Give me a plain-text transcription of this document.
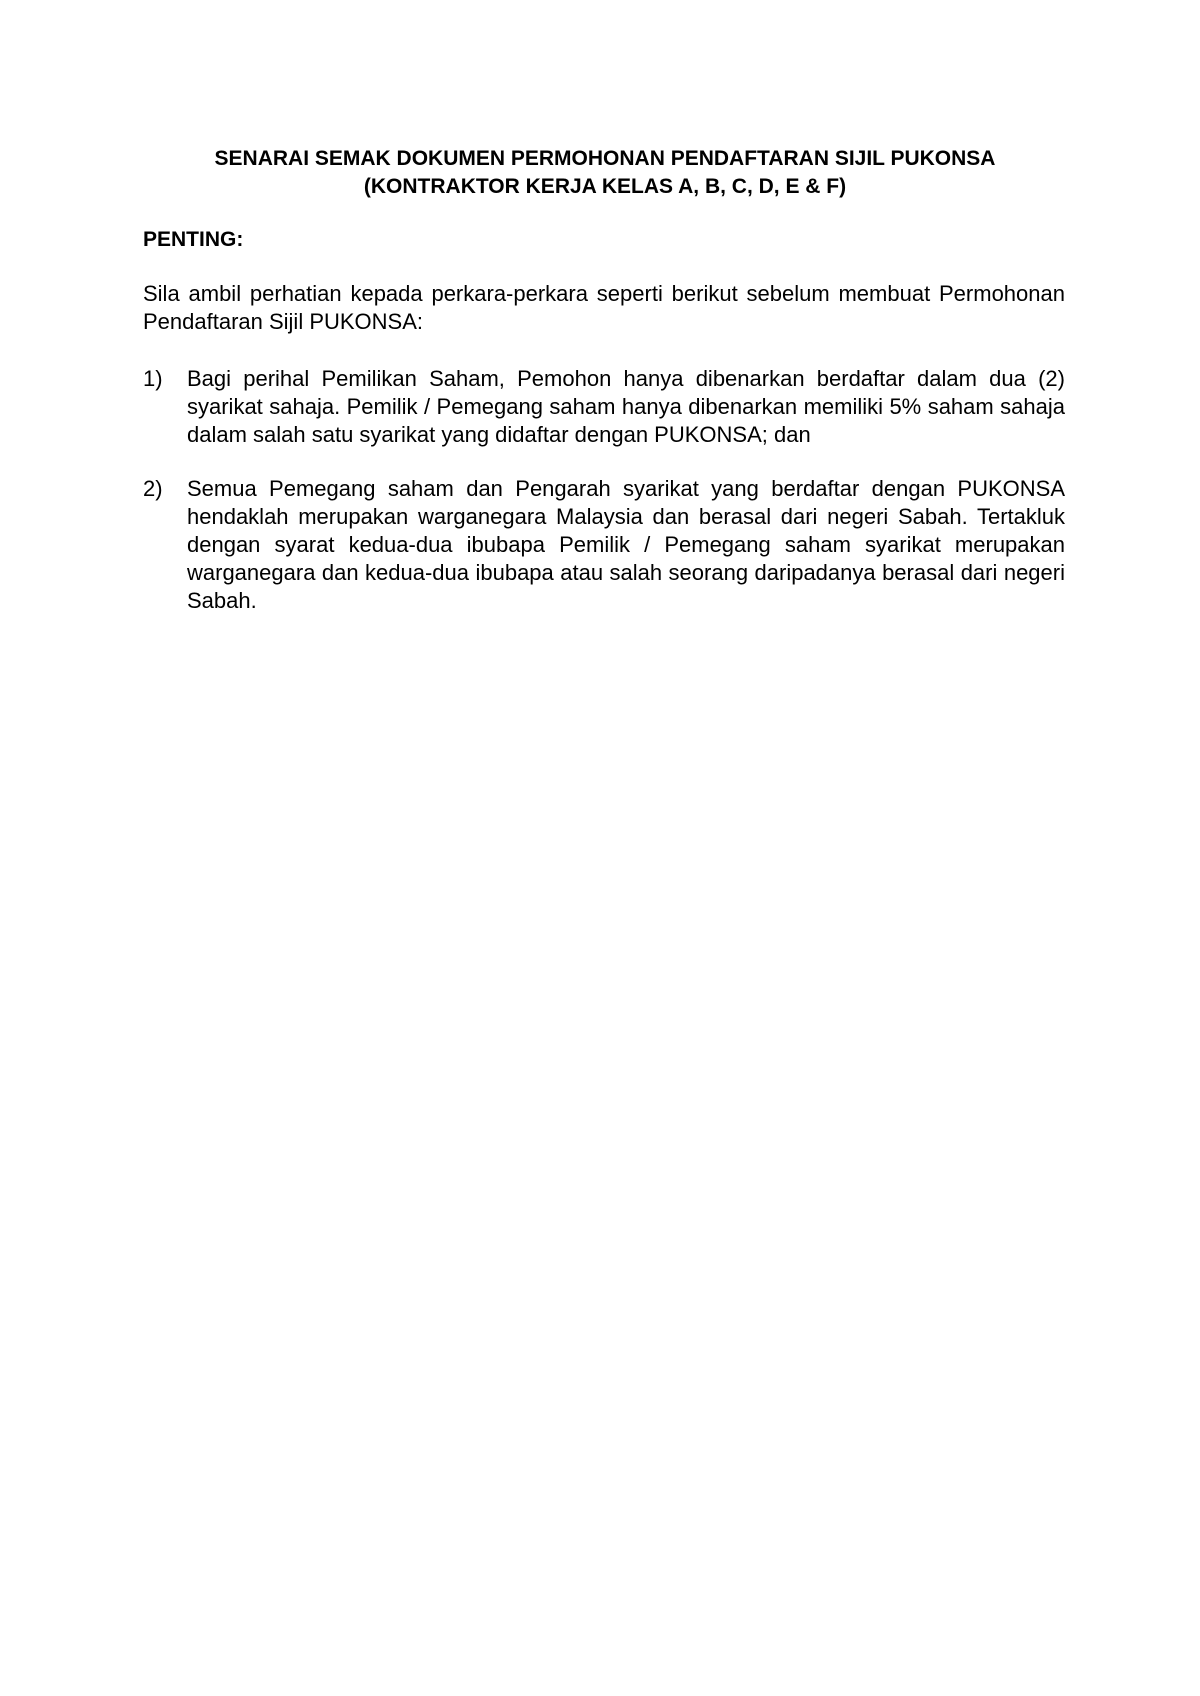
SENARAI SEMAK DOKUMEN PERMOHONAN PENDAFTARAN SIJIL PUKONSA
(KONTRAKTOR KERJA KELAS A, B, C, D, E & F)
PENTING:

Sila ambil perhatian kepada perkara-perkara seperti berikut sebelum membuat Permohonan Pendaftaran Sijil PUKONSA:

1)	Bagi perihal Pemilikan Saham, Pemohon hanya dibenarkan berdaftar dalam dua (2) syarikat sahaja. Pemilik / Pemegang saham hanya dibenarkan memiliki 5% saham sahaja dalam salah satu syarikat yang didaftar dengan PUKONSA; dan
2)	Semua Pemegang saham dan Pengarah syarikat yang berdaftar dengan PUKONSA hendaklah merupakan warganegara Malaysia dan berasal dari negeri Sabah. Tertakluk dengan syarat kedua-dua ibubapa Pemilik / Pemegang saham syarikat merupakan warganegara dan kedua-dua ibubapa atau salah seorang daripadanya berasal dari negeri Sabah.
